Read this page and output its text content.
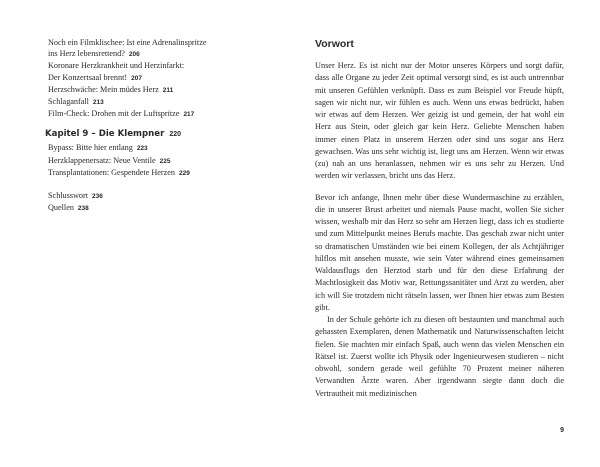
Noch ein Filmklischee: Ist eine Adrenalinspritze
ins Herz lebensrettend? 206
Koronare Herzkrankheit und Herzinfarkt:
Der Konzertsaal brennt! 207
Herzschwäche: Mein müdes Herz 211
Schlaganfall 213
Film-Check: Drohen mit der Luftspritze 217
Kapitel 9 – Die Klempner 220
Bypass: Bitte hier entlang 223
Herzklappenersatz: Neue Ventile 225
Transplantationen: Gespendete Herzen 229
Schlusswort 236
Quellen 238
Vorwort

Unser Herz. Es ist nicht nur der Motor unseres Körpers und sorgt dafür, dass alle Organe zu jeder Zeit optimal versorgt sind, es ist auch untrennbar mit unseren Gefühlen verknüpft. Dass es zum Beispiel vor Freude hüpft, sagen wir nicht nur, wir fühlen es auch. Wenn uns etwas bedrückt, haben wir etwas auf dem Herzen. Wer geizig ist und gemein, der hat wohl ein Herz aus Stein, oder gleich gar kein Herz. Geliebte Menschen haben immer einen Platz in unserem Herzen oder sind uns sogar ans Herz gewachsen. Was uns sehr wichtig ist, liegt uns am Herzen. Wenn wir etwas (zu) nah an uns heranlassen, nehmen wir es uns sehr zu Herzen. Und werden wir verlassen, bricht uns das Herz.

Bevor ich anfange, Ihnen mehr über diese Wundermaschine zu erzählen, die in unserer Brust arbeitet und niemals Pause macht, wollen Sie sicher wissen, weshalb mir das Herz so sehr am Herzen liegt, dass ich es studierte und zum Mittelpunkt meines Berufs machte. Das geschah zwar nicht unter so dramatischen Umständen wie bei einem Kollegen, der als Achtjähriger hilflos mit ansehen musste, wie sein Vater während eines gemeinsamen Waldausflugs den Herztod starb und für den diese Erfahrung der Machtlosigkeit das Motiv war, Rettungssanitäter und Arzt zu werden, aber ich will Sie trotzdem nicht rätseln lassen, wer Ihnen hier etwas zum Besten gibt.

In der Schule gehörte ich zu diesen oft bestaunten und manchmal auch gehassten Exemplaren, denen Mathematik und Naturwissenschaften leicht fielen. Sie machten mir einfach Spaß, auch wenn das vielen Menschen ein Rätsel ist. Zuerst wollte ich Physik oder Ingenieurwesen studieren – nicht obwohl, sondern gerade weil gefühlte 70 Prozent meiner näheren Verwandten Ärzte waren. Aber irgendwann siegte dann doch die Vertrautheit mit medizinischen

9
